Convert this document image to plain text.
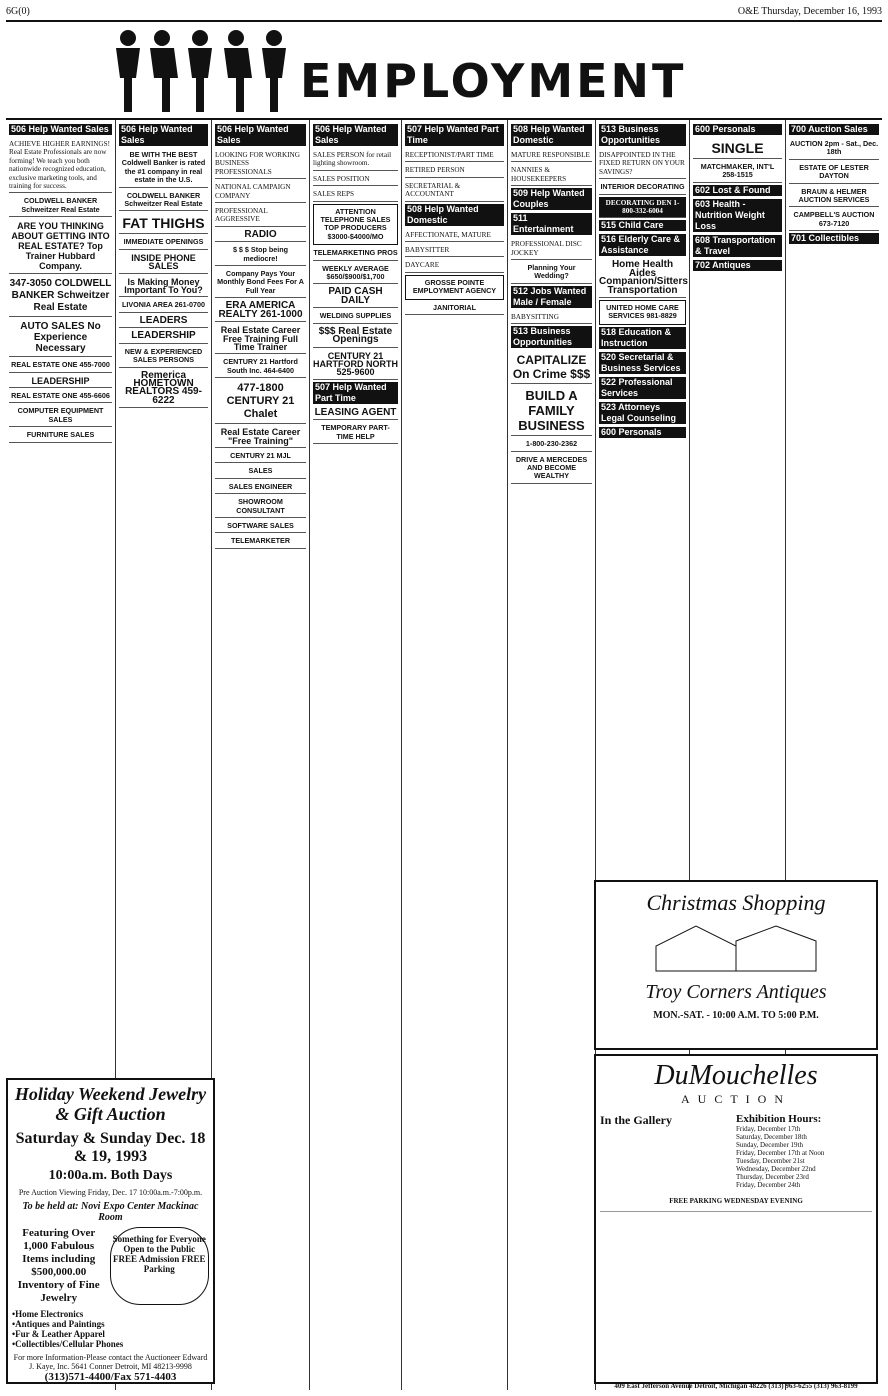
6G(0)	O&E Thursday, December 16, 1993
EMPLOYMENT
506 Help Wanted Sales
ACHIEVE HIGHER EARNINGS! Real Estate Professionals are now forming! We teach you both nationwide recognized education, exclusive marketing tools, and training for success.
COLDWELL BANKER Schweitzer Real Estate
ARE YOU THINKING ABOUT GETTING INTO REAL ESTATE? Top Trainer Hubbard Company.
347-3050 COLDWELL BANKER Schweitzer Real Estate
AUTO SALES No Experience Necessary
REAL ESTATE ONE 455-7000
LEADERSHIP
REAL ESTATE ONE 455-6606
COMPUTER EQUIPMENT SALES
FURNITURE SALES
506 Help Wanted Sales
BE WITH THE BEST Coldwell Banker is rated the #1 company in real estate in the U.S.
COLDWELL BANKER Schweitzer Real Estate
FAT THIGHS
IMMEDIATE OPENINGS
INSIDE PHONE SALES
Is Making Money Important To You?
LIVONIA AREA 261-0700
LEADERS
LEADERSHIP
NEW & EXPERIENCED SALES PERSONS
Remerica HOMETOWN REALTORS 459-6222
506 Help Wanted Sales
LOOKING FOR WORKING BUSINESS PROFESSIONALS
NATIONAL CAMPAIGN COMPANY
PROFESSIONAL AGGRESSIVE
RADIO
$ $ $ Stop being mediocre!
Company Pays Your Monthly Bond Fees For A Full Year
ERA AMERICA REALTY 261-1000
Real Estate Career Free Training Full Time Trainer
CENTURY 21 Hartford South Inc. 464-6400
477-1800 CENTURY 21 Chalet
Real Estate Career "Free Training"
CENTURY 21 MJL
SALES
SALES ENGINEER
SHOWROOM CONSULTANT
SOFTWARE SALES
TELEMARKETER
506 Help Wanted Sales
SALES PERSON for retail lighting showroom.
SALES POSITION
SALES REPS
ATTENTION TELEPHONE SALES TOP PRODUCERS $3000-$4000/MO
TELEMARKETING PROS
WEEKLY AVERAGE $650/$900/$1,700
PAID CASH DAILY
WELDING SUPPLIES
$$$ Real Estate Openings
CENTURY 21 HARTFORD NORTH 525-9600
507 Help Wanted Part Time
LEASING AGENT
TEMPORARY PART-TIME HELP
507 Help Wanted Part Time
RECEPTIONIST/PART TIME
RETIRED PERSON
SECRETARIAL & ACCOUNTANT
508 Help Wanted Domestic
AFFECTIONATE, MATURE
BABYSITTER
DAYCARE
GROSSE POINTE EMPLOYMENT AGENCY
JANITORIAL
508 Help Wanted Domestic
MATURE RESPONSIBLE
NANNIES & HOUSEKEEPERS
509 Help Wanted Couples
511 Entertainment
PROFESSIONAL DISC JOCKEY
Planning Your Wedding?
512 Jobs Wanted Male / Female
BABYSITTING
513 Business Opportunities
CAPITALIZE On Crime $$$
BUILD A FAMILY BUSINESS
1-800-230-2362
DRIVE A MERCEDES AND BECOME WEALTHY
513 Business Opportunities
DISAPPOINTED IN THE FIXED RETURN ON YOUR SAVINGS?
INTERIOR DECORATING
DECORATING DEN 1-800-332-6004
515 Child Care
516 Elderly Care & Assistance
Home Health Aides Companion/Sitters Transportation
UNITED HOME CARE SERVICES 981-8829
518 Education & Instruction
520 Secretarial & Business Services
522 Professional Services
523 Attorneys Legal Counseling
600 Personals
600 Personals
SINGLE
MATCHMAKER, INT'L 258-1515
602 Lost & Found
603 Health - Nutrition Weight Loss
608 Transportation & Travel
702 Antiques
700 Auction Sales
AUCTION 2pm - Sat., Dec. 18th
ESTATE OF LESTER DAYTON
BRAUN & HELMER AUCTION SERVICES
CAMPBELL'S AUCTION 673-7120
701 Collectibles
Holiday Weekend Jewelry & Gift Auction
Saturday & Sunday Dec. 18 & 19, 1993
10:00a.m. Both Days
Pre Auction Viewing Friday, Dec. 17 10:00a.m.-7:00p.m.
To be held at: Novi Expo Center Mackinac Room
Featuring Over 1,000 Fabulous Items including $500,000.00 Inventory of Fine Jewelry
Something for Everyone Open to the Public FREE Admission FREE Parking
•Home Electronics
•Antiques and Paintings
•Fur & Leather Apparel
•Collectibles/Cellular Phones
For more Information-Please contact the Auctioneer Edward J. Kaye, Inc. 5641 Conner Detroit, MI 48213-9998
(313)571-4400/Fax 571-4403
Christmas Shopping
Troy Corners Antiques
MON.-SAT. - 10:00 A.M. TO 5:00 P.M.
DuMouchelles
AUCTION
In the Gallery	Exhibition Hours:
Friday, December 17th
Saturday, December 18th
Sunday, December 19th
Friday, December 17th at Noon
Tuesday, December 21st
Wednesday, December 22nd
Thursday, December 23rd
Friday, December 24th
FREE PARKING WEDNESDAY EVENING
409 East Jefferson Avenue Detroit, Michigan 48226 (313) 963-6255 (313) 963-8199
